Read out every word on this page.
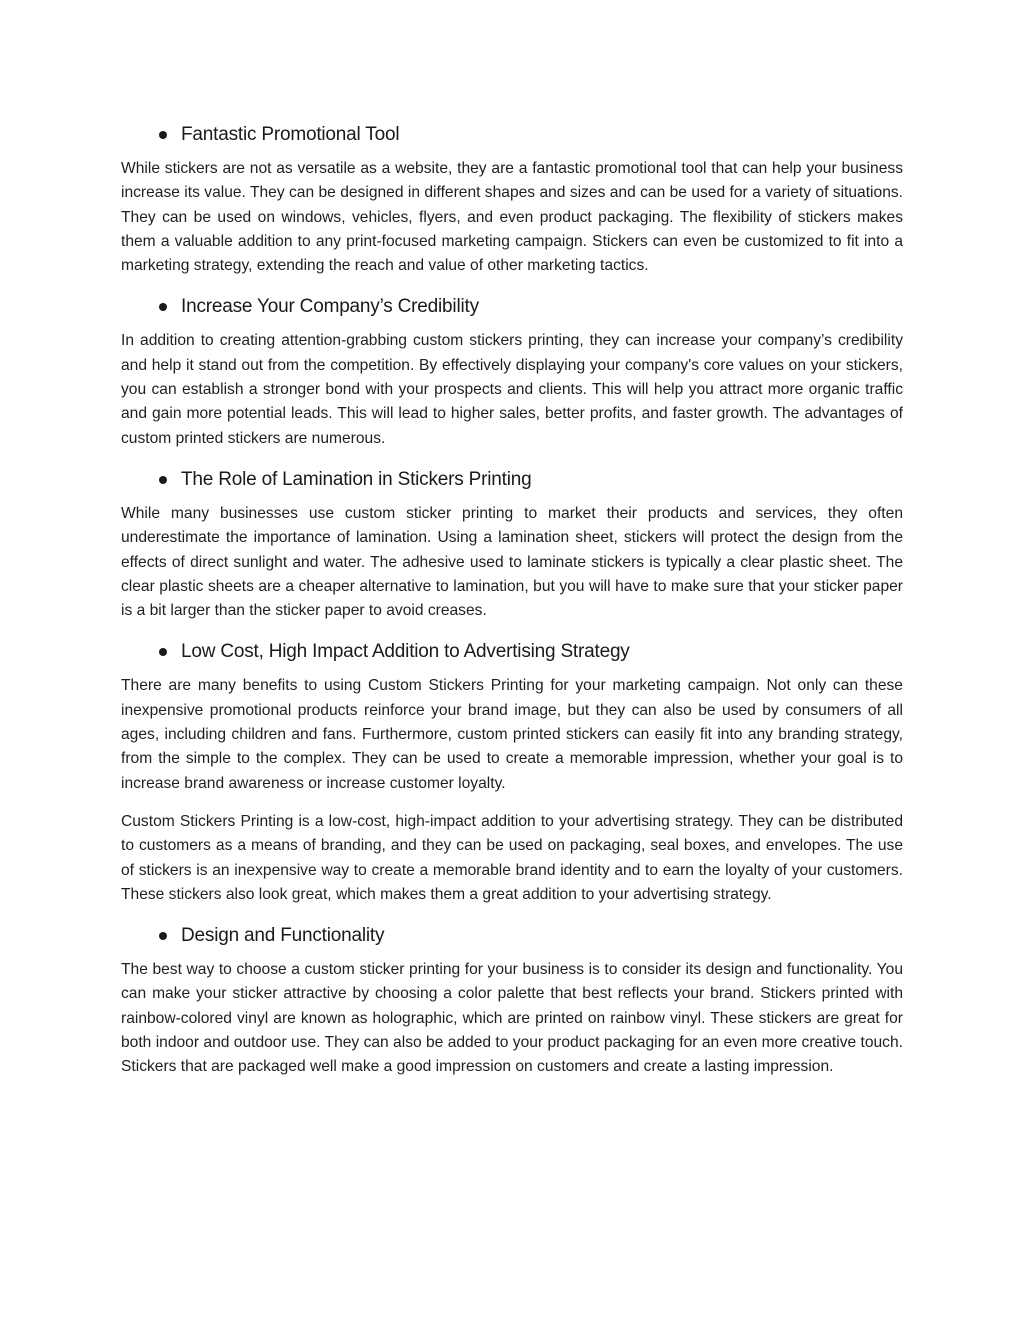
Fantastic Promotional Tool

While stickers are not as versatile as a website, they are a fantastic promotional tool that can help your business increase its value. They can be designed in different shapes and sizes and can be used for a variety of situations. They can be used on windows, vehicles, flyers, and even product packaging. The flexibility of stickers makes them a valuable addition to any print-focused marketing campaign. Stickers can even be customized to fit into a marketing strategy, extending the reach and value of other marketing tactics.

Increase Your Company’s Credibility

In addition to creating attention-grabbing custom stickers printing, they can increase your company’s credibility and help it stand out from the competition. By effectively displaying your company's core values on your stickers, you can establish a stronger bond with your prospects and clients. This will help you attract more organic traffic and gain more potential leads. This will lead to higher sales, better profits, and faster growth. The advantages of custom printed stickers are numerous.

The Role of Lamination in Stickers Printing

While many businesses use custom sticker printing to market their products and services, they often underestimate the importance of lamination. Using a lamination sheet, stickers will protect the design from the effects of direct sunlight and water. The adhesive used to laminate stickers is typically a clear plastic sheet. The clear plastic sheets are a cheaper alternative to lamination, but you will have to make sure that your sticker paper is a bit larger than the sticker paper to avoid creases.

Low Cost, High Impact Addition to Advertising Strategy

There are many benefits to using Custom Stickers Printing for your marketing campaign. Not only can these inexpensive promotional products reinforce your brand image, but they can also be used by consumers of all ages, including children and fans. Furthermore, custom printed stickers can easily fit into any branding strategy, from the simple to the complex. They can be used to create a memorable impression, whether your goal is to increase brand awareness or increase customer loyalty.

Custom Stickers Printing is a low-cost, high-impact addition to your advertising strategy. They can be distributed to customers as a means of branding, and they can be used on packaging, seal boxes, and envelopes. The use of stickers is an inexpensive way to create a memorable brand identity and to earn the loyalty of your customers. These stickers also look great, which makes them a great addition to your advertising strategy.

Design and Functionality

The best way to choose a custom sticker printing for your business is to consider its design and functionality. You can make your sticker attractive by choosing a color palette that best reflects your brand. Stickers printed with rainbow-colored vinyl are known as holographic, which are printed on rainbow vinyl. These stickers are great for both indoor and outdoor use. They can also be added to your product packaging for an even more creative touch. Stickers that are packaged well make a good impression on customers and create a lasting impression.
